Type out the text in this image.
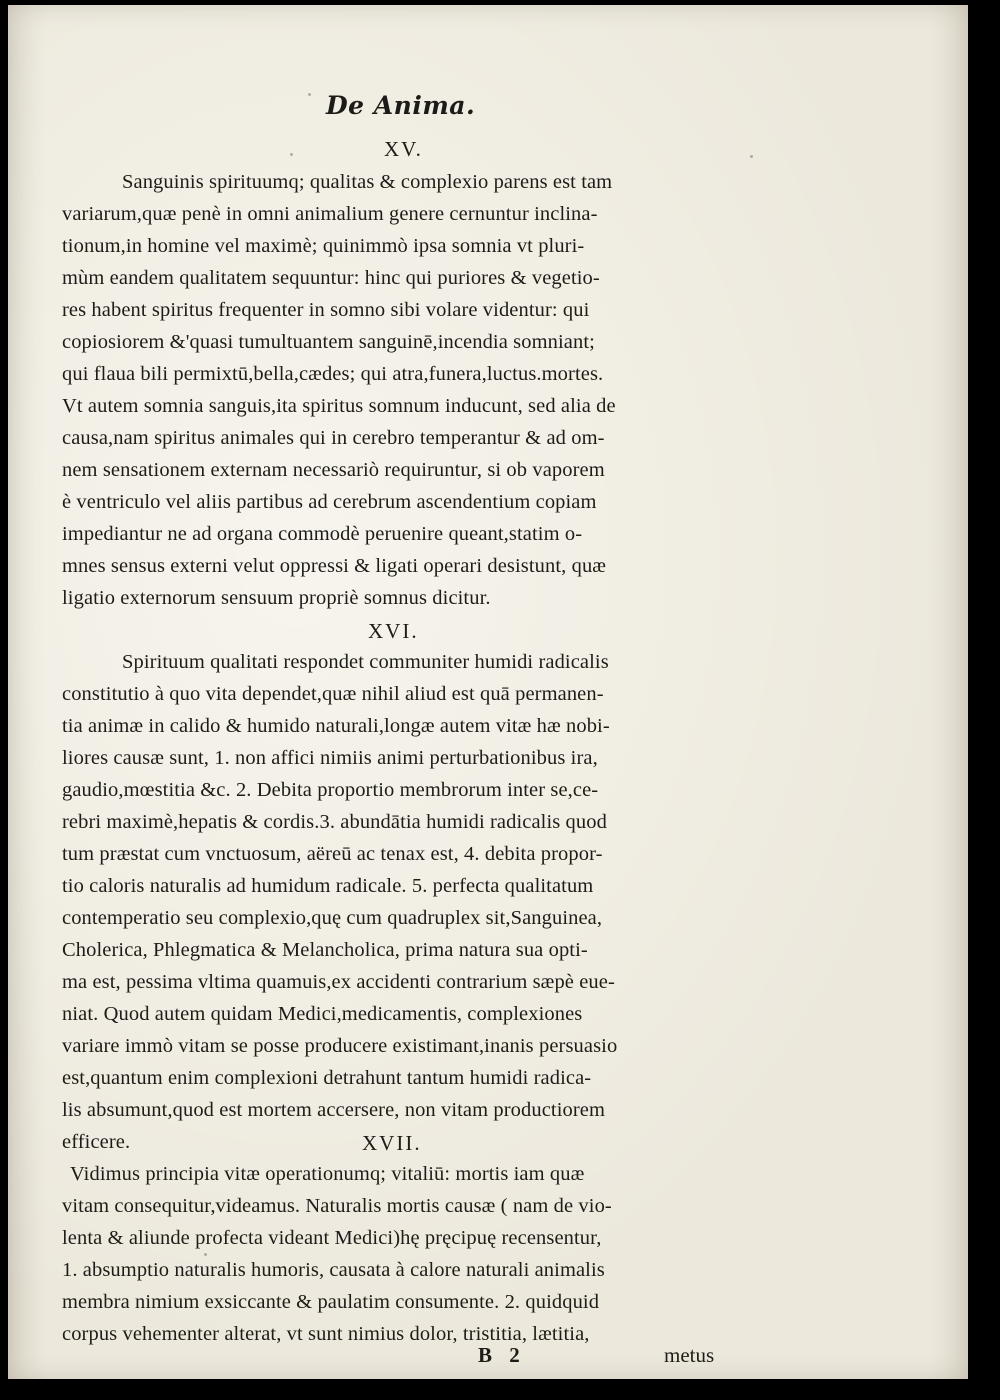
De Anima.
XV.
Sanguinis spirituumq; qualitas & complexio parens est tam
variarum,quæ penè in omni animalium genere cernuntur inclina-
tionum,in homine vel maximè; quinimmò ipsa somnia vt pluri-
mùm eandem qualitatem sequuntur: hinc qui puriores & vegetio-
res habent spiritus frequenter in somno sibi volare videntur: qui
copiosiorem &'quasi tumultuantem sanguinē,incendia somniant;
qui flaua bili permixtū,bella,cædes; qui atra,funera,luctus.mortes.
Vt autem somnia sanguis,ita spiritus somnum inducunt, sed alia de
causa,nam spiritus animales qui in cerebro temperantur & ad om-
nem sensationem externam necessariò requiruntur, si ob vaporem
è ventriculo vel aliis partibus ad cerebrum ascendentium copiam
impediantur ne ad organa commodè peruenire queant,statim o-
mnes sensus externi velut oppressi & ligati operari desistunt, quæ
ligatio externorum sensuum propriè somnus dicitur.
XVI.
Spirituum qualitati respondet communiter humidi radicalis
constitutio à quo vita dependet,quæ nihil aliud est quā permanen-
tia animæ in calido & humido naturali,longæ autem vitæ hæ nobi-
liores causæ sunt, 1. non affici nimiis animi perturbationibus ira,
gaudio,mœstitia &c. 2. Debita proportio membrorum inter se,ce-
rebri maximè,hepatis & cordis.3. abundātia humidi radicalis quod
tum præstat cum vnctuosum, aëreū ac tenax est, 4. debita propor-
tio caloris naturalis ad humidum radicale. 5. perfecta qualitatum
contemperatio seu complexio,quę cum quadruplex sit,Sanguinea,
Cholerica, Phlegmatica & Melancholica, prima natura sua opti-
ma est, pessima vltima quamuis,ex accidenti contrarium sæpè eue-
niat. Quod autem quidam Medici,medicamentis, complexiones
variare immò vitam se posse producere existimant,inanis persuasio
est,quantum enim complexioni detrahunt tantum humidi radica-
lis absumunt,quod est mortem accersere, non vitam productiorem
efficere.	XVII.
Vidimus principia vitæ operationumq; vitaliū: mortis iam quæ
vitam consequitur,videamus. Naturalis mortis causæ ( nam de vio-
lenta & aliunde profecta videant Medici)hę pręcipuę recensentur,
1. absumptio naturalis humoris, causata à calore naturali animalis
membra nimium exsiccante & paulatim consumente. 2. quidquid
corpus vehementer alterat, vt sunt nimius dolor, tristitia, lætitia,
B 2	metus
